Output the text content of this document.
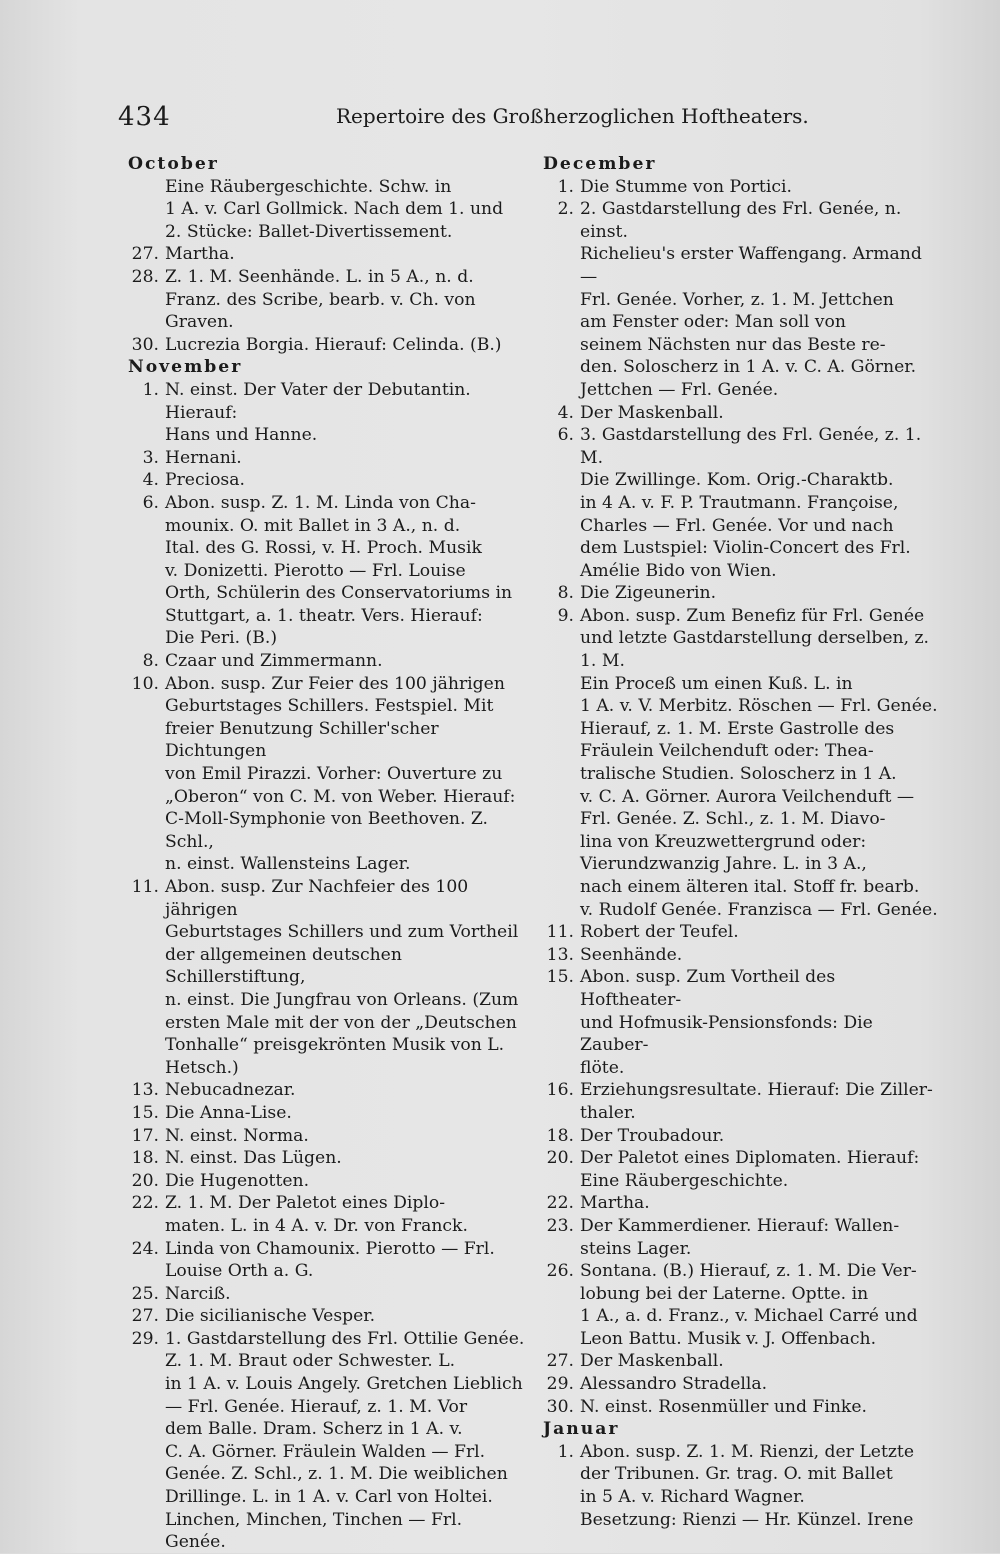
434	Repertoire des Großherzoglichen Hoftheaters.
October
Eine Räubergeschichte. Schw. in
1 A. v. Carl Gollmick. Nach dem 1. und
2. Stücke: Ballet-Divertissement.
27. Martha.
28. Z. 1. M. Seenhände. L. in 5 A., n. d.
Franz. des Scribe, bearb. v. Ch. von Graven.
30. Lucrezia Borgia. Hierauf: Celinda. (B.)
November
1. N. einst. Der Vater der Debutantin. Hierauf:
Hans und Hanne.
3. Hernani.
4. Preciosa.
6. Abon. susp. Z. 1. M. Linda von Cha-
mounix. O. mit Ballet in 3 A., n. d.
Ital. des G. Rossi, v. H. Proch. Musik
v. Donizetti. Pierotto — Frl. Louise
Orth, Schülerin des Conservatoriums in
Stuttgart, a. 1. theatr. Vers. Hierauf:
Die Peri. (B.)
8. Czaar und Zimmermann.
10. Abon. susp. Zur Feier des 100 jährigen
Geburtstages Schillers. Festspiel. Mit
freier Benutzung Schiller'scher Dichtungen
von Emil Pirazzi. Vorher: Ouverture zu
„Oberon“ von C. M. von Weber. Hierauf:
C-Moll-Symphonie von Beethoven. Z. Schl.,
n. einst. Wallensteins Lager.
11. Abon. susp. Zur Nachfeier des 100 jährigen
Geburtstages Schillers und zum Vortheil
der allgemeinen deutschen Schillerstiftung,
n. einst. Die Jungfrau von Orleans. (Zum
ersten Male mit der von der „Deutschen
Tonhalle“ preisgekrönten Musik von L.
Hetsch.)
13. Nebucadnezar.
15. Die Anna-Lise.
17. N. einst. Norma.
18. N. einst. Das Lügen.
20. Die Hugenotten.
22. Z. 1. M. Der Paletot eines Diplo-
maten. L. in 4 A. v. Dr. von Franck.
24. Linda von Chamounix. Pierotto — Frl.
Louise Orth a. G.
25. Narciß.
27. Die sicilianische Vesper.
29. 1. Gastdarstellung des Frl. Ottilie Genée.
Z. 1. M. Braut oder Schwester. L.
in 1 A. v. Louis Angely. Gretchen Lieblich
— Frl. Genée. Hierauf, z. 1. M. Vor
dem Balle. Dram. Scherz in 1 A. v.
C. A. Görner. Fräulein Walden — Frl.
Genée. Z. Schl., z. 1. M. Die weiblichen
Drillinge. L. in 1 A. v. Carl von Holtei.
Linchen, Minchen, Tinchen — Frl. Genée.
December
1. Die Stumme von Portici.
2. 2. Gastdarstellung des Frl. Genée, n. einst.
Richelieu's erster Waffengang. Armand —
Frl. Genée. Vorher, z. 1. M. Jettchen
am Fenster oder: Man soll von
seinem Nächsten nur das Beste re-
den. Soloscherz in 1 A. v. C. A. Görner.
Jettchen — Frl. Genée.
4. Der Maskenball.
6. 3. Gastdarstellung des Frl. Genée, z. 1. M.
Die Zwillinge. Kom. Orig.-Charaktb.
in 4 A. v. F. P. Trautmann. Françoise,
Charles — Frl. Genée. Vor und nach
dem Lustspiel: Violin-Concert des Frl.
Amélie Bido von Wien.
8. Die Zigeunerin.
9. Abon. susp. Zum Benefiz für Frl. Genée
und letzte Gastdarstellung derselben, z. 1. M.
Ein Proceß um einen Kuß. L. in
1 A. v. V. Merbitz. Röschen — Frl. Genée.
Hierauf, z. 1. M. Erste Gastrolle des
Fräulein Veilchenduft oder: Thea-
tralische Studien. Soloscherz in 1 A.
v. C. A. Görner. Aurora Veilchenduft —
Frl. Genée. Z. Schl., z. 1. M. Diavo-
lina von Kreuzwettergrund oder:
Vierundzwanzig Jahre. L. in 3 A.,
nach einem älteren ital. Stoff fr. bearb.
v. Rudolf Genée. Franzisca — Frl. Genée.
11. Robert der Teufel.
13. Seenhände.
15. Abon. susp. Zum Vortheil des Hoftheater-
und Hofmusik-Pensionsfonds: Die Zauber-
flöte.
16. Erziehungsresultate. Hierauf: Die Ziller-
thaler.
18. Der Troubadour.
20. Der Paletot eines Diplomaten. Hierauf:
Eine Räubergeschichte.
22. Martha.
23. Der Kammerdiener. Hierauf: Wallen-
steins Lager.
26. Sontana. (B.) Hierauf, z. 1. M. Die Ver-
lobung bei der Laterne. Optte. in
1 A., a. d. Franz., v. Michael Carré und
Leon Battu. Musik v. J. Offenbach.
27. Der Maskenball.
29. Alessandro Stradella.
30. N. einst. Rosenmüller und Finke.
Januar
1. Abon. susp. Z. 1. M. Rienzi, der Letzte
der Tribunen. Gr. trag. O. mit Ballet
in 5 A. v. Richard Wagner.
Besetzung: Rienzi — Hr. Künzel. Irene
